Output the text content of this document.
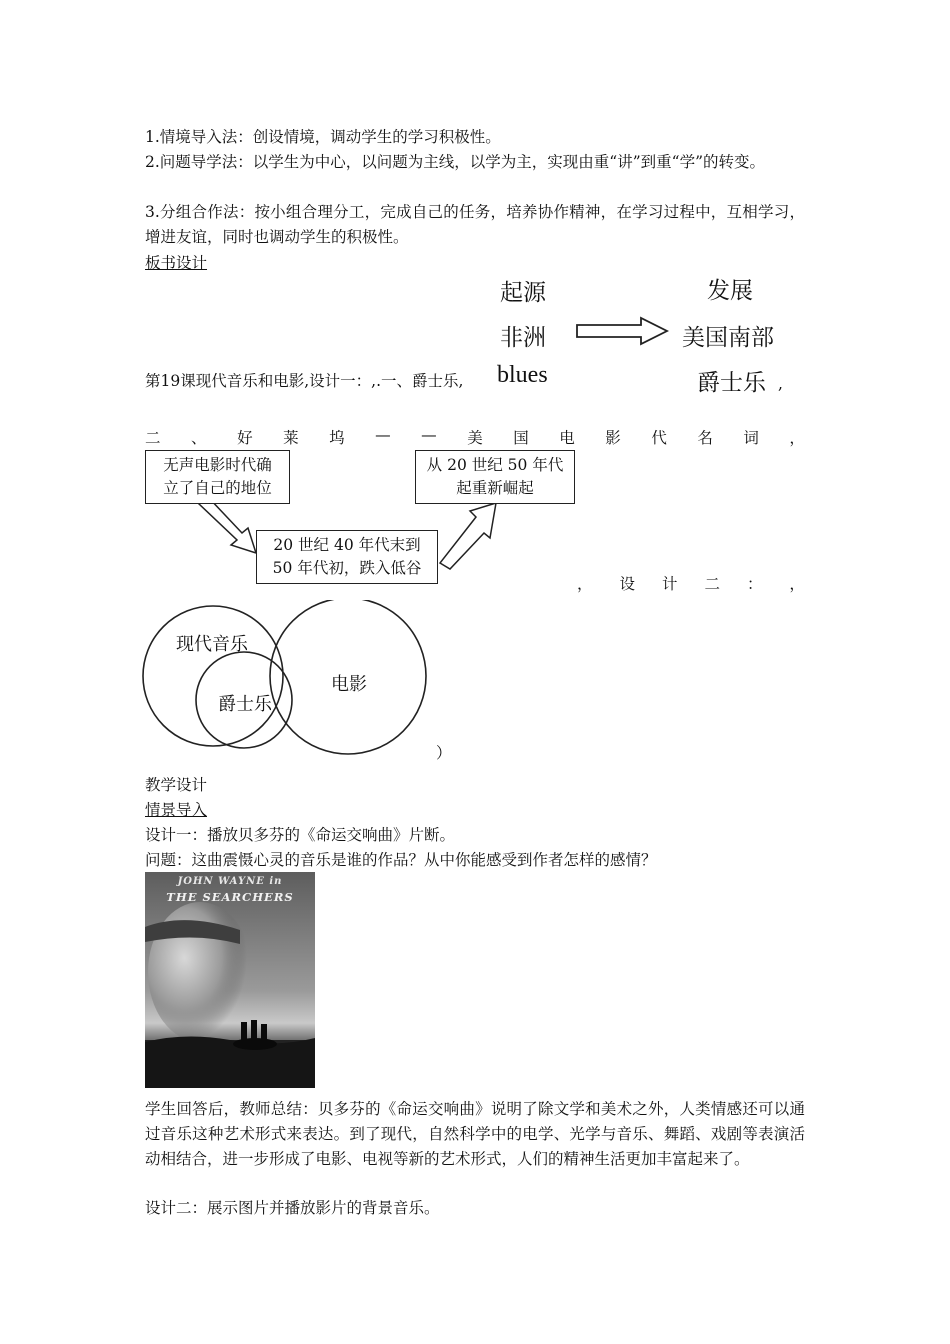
1.情境导入法：创设情境，调动学生的学习积极性。
2.问题导学法：以学生为中心，以问题为主线，以学为主，实现由重“讲”到重“学”的转变。
3.分组合作法：按小组合理分工，完成自己的任务，培养协作精神，在学习过程中，互相学习，增进友谊，同时也调动学生的积极性。
板书设计
起源	发展
非洲	美国南部
blues	爵士乐
第19课现代音乐和电影,设计一：,.一、爵士乐,	,
二 、 好 莱 坞 — — 美 国 电 影 代 名 词 ，
无声电影时代确
立了自己的地位
20 世纪 40 年代末到
50 年代初，跌入低谷
从 20 世纪 50 年代
起重新崛起
， 设 计 二 ： ，
现代音乐
爵士乐
电影
）
教学设计
情景导入
设计一：播放贝多芬的《命运交响曲》片断。
问题：这曲震慑心灵的音乐是谁的作品？从中你能感受到作者怎样的感情？
JOHN WAYNE in
THE SEARCHERS
学生回答后，教师总结：贝多芬的《命运交响曲》说明了除文学和美术之外，人类情感还可以通过音乐这种艺术形式来表达。到了现代，自然科学中的电学、光学与音乐、舞蹈、戏剧等表演活动相结合，进一步形成了电影、电视等新的艺术形式，人们的精神生活更加丰富起来了。
设计二：展示图片并播放影片的背景音乐。
